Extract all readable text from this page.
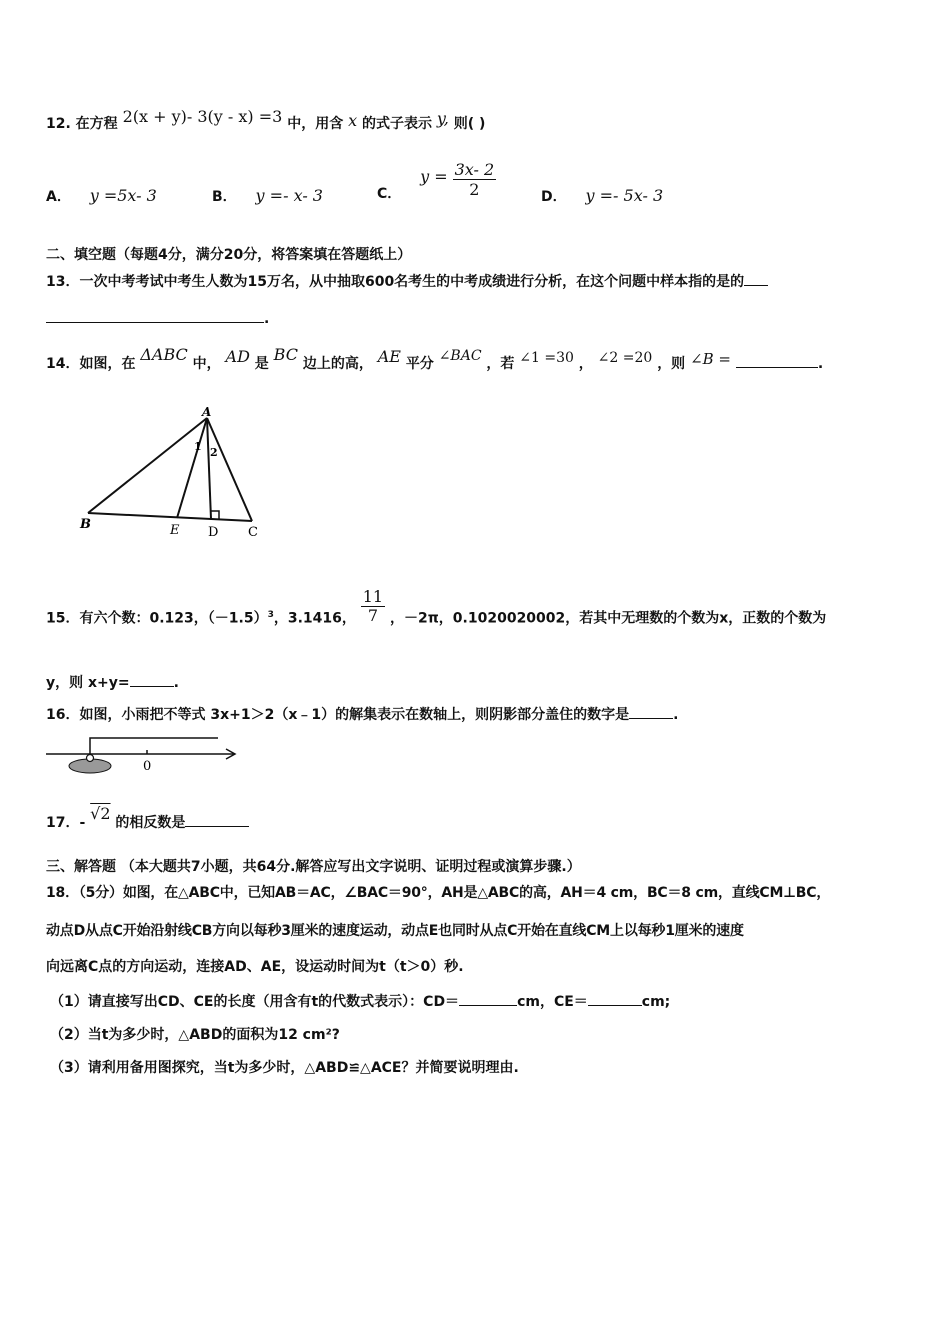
12. 在方程 2(x + y)- 3(y - x) =3 中，用含 x 的式子表示 y, 则( )
A． y =5x- 3	B． y =- x- 3	C． $y = \frac{3x- 2}{2}$	D． y =- 5x- 3
二、填空题（每题4分，满分20分，将答案填在答题纸上）
13．一次中考考试中考生人数为15万名，从中抽取600名考生的中考成绩进行分析，在这个问题中样本指的是的
.
14．如图，在 ΔABC 中， AD 是 BC 边上的高， AE 平分 ∠BAC ，若 ∠1 =30 ， ∠2 =20 ，则 ∠B =	.
A
B	E D C
1 2
15．有六个数：0.123，$(-1.5)^3$，3.1416， $\frac{11}{7}$ ，－2π，0.1020020002，若其中无理数的个数为x，正数的个数为
y，则 x+y=	.
16．如图，小雨把不等式 3x+1＞2（x﹣1）的解集表示在数轴上，则阴影部分盖住的数字是	.
0
17．- √2 的相反数是
三、解答题 （本大题共7小题，共64分.解答应写出文字说明、证明过程或演算步骤.）
18．（5分）如图，在△ABC中，已知AB＝AC，∠BAC＝90°，AH是△ABC的高，AH＝4 cm，BC＝8 cm，直线CM⊥BC，
动点D从点C开始沿射线CB方向以每秒3厘米的速度运动，动点E也同时从点C开始在直线CM上以每秒1厘米的速度
向远离C点的方向运动，连接AD、AE，设运动时间为t（t＞0）秒.
（1）请直接写出CD、CE的长度（用含有t的代数式表示）：CD＝	cm，CE＝	cm;
（2）当t为多少时，△ABD的面积为12 cm²?
（3）请利用备用图探究，当t为多少时，△ABD≌△ACE？并简要说明理由.
